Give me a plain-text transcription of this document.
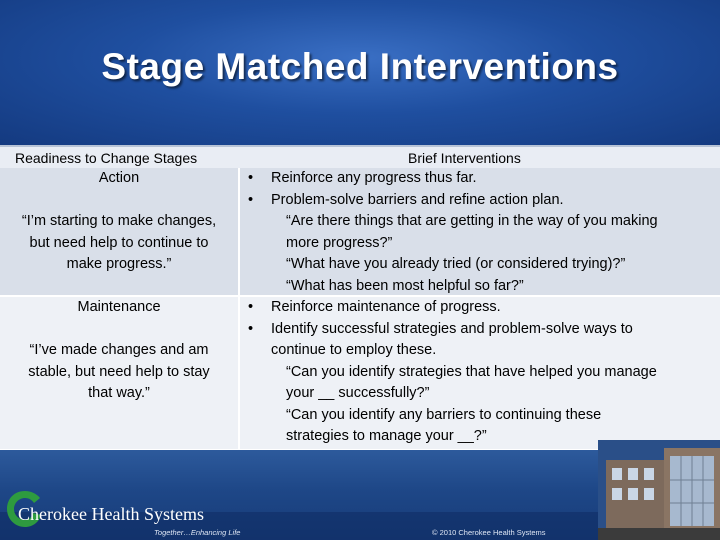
Stage Matched Interventions
Readiness to Change Stages	Brief Interventions
Action
“I’m starting to make changes,
but need help to continue to
make progress.”
• Reinforce any progress thus far.
• Problem-solve barriers and refine action plan.
“Are there things that are getting in the way of you making
more progress?”
“What have you already tried (or considered trying)?”
“What has been most helpful so far?”
Maintenance
“I’ve made changes and am
stable, but need help to stay
that way.”
• Reinforce maintenance of progress.
• Identify successful strategies and problem-solve ways to
continue to employ these.
“Can you identify strategies that have helped you manage
your __ successfully?”
“Can you identify any barriers to continuing these
strategies to manage your __?”
Cherokee Health Systems
Together…Enhancing Life	© 2010 Cherokee Health Systems
